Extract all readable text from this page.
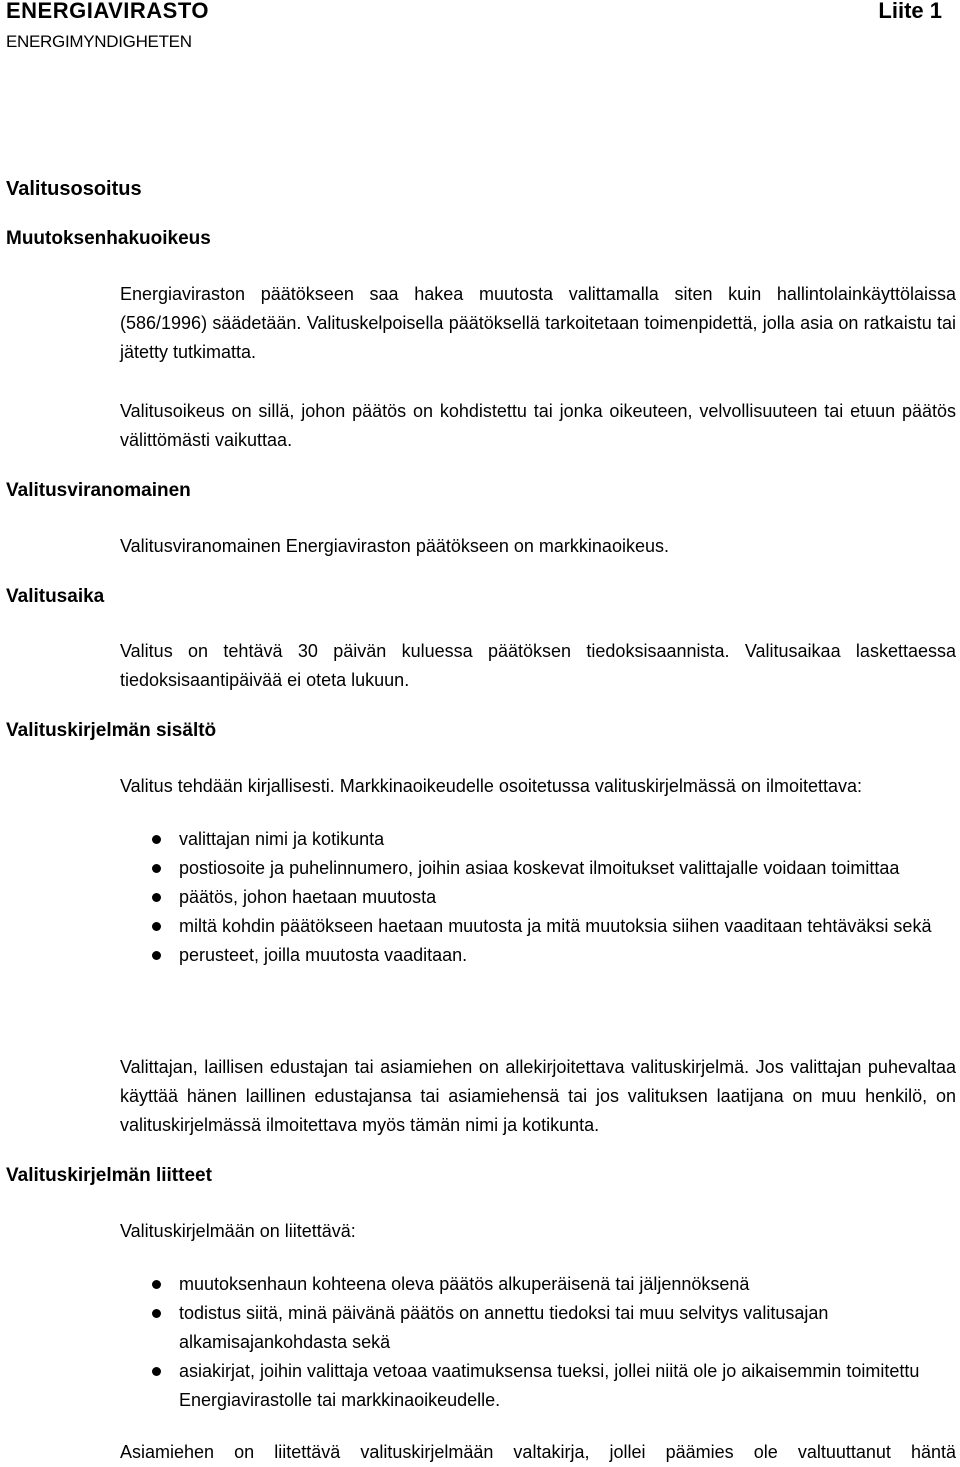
ENERGIAVIRASTO
ENERGIMYNDIGHETEN
Liite 1
Valitusosoitus
Muutoksenhakuoikeus
Energiaviraston päätökseen saa hakea muutosta valittamalla siten kuin hallintolainkäyttölaissa (586/1996) säädetään. Valituskelpoisella päätöksellä tarkoitetaan toimenpidettä, jolla asia on ratkaistu tai jätetty tutkimatta.
Valitusoikeus on sillä, johon päätös on kohdistettu tai jonka oikeuteen, velvollisuuteen tai etuun päätös välittömästi vaikuttaa.
Valitusviranomainen
Valitusviranomainen Energiaviraston päätökseen on markkinaoikeus.
Valitusaika
Valitus on tehtävä 30 päivän kuluessa päätöksen tiedoksisaannista. Valitusaikaa laskettaessa tiedoksisaantipäivää ei oteta lukuun.
Valituskirjelmän sisältö
Valitus tehdään kirjallisesti. Markkinaoikeudelle osoitetussa valituskirjelmässä on ilmoitettava:
valittajan nimi ja kotikunta
postiosoite ja puhelinnumero, joihin asiaa koskevat ilmoitukset valittajalle voidaan toimittaa
päätös, johon haetaan muutosta
miltä kohdin päätökseen haetaan muutosta ja mitä muutoksia siihen vaaditaan tehtäväksi sekä
perusteet, joilla muutosta vaaditaan.
Valittajan, laillisen edustajan tai asiamiehen on allekirjoitettava valituskirjelmä. Jos valittajan puhevaltaa käyttää hänen laillinen edustajansa tai asiamiehensä tai jos valituksen laatijana on muu henkilö, on valituskirjelmässä ilmoitettava myös tämän nimi ja kotikunta.
Valituskirjelmän liitteet
Valituskirjelmään on liitettävä:
muutoksenhaun kohteena oleva päätös alkuperäisenä tai jäljennöksenä
todistus siitä, minä päivänä päätös on annettu tiedoksi tai muu selvitys valitusajan alkamisajankohdasta sekä
asiakirjat, joihin valittaja vetoaa vaatimuksensa tueksi, jollei niitä ole jo aikaisemmin toimitettu Energiavirastolle tai markkinaoikeudelle.
Asiamiehen on liitettävä valituskirjelmään valtakirja, jollei päämies ole valtuuttanut häntä
